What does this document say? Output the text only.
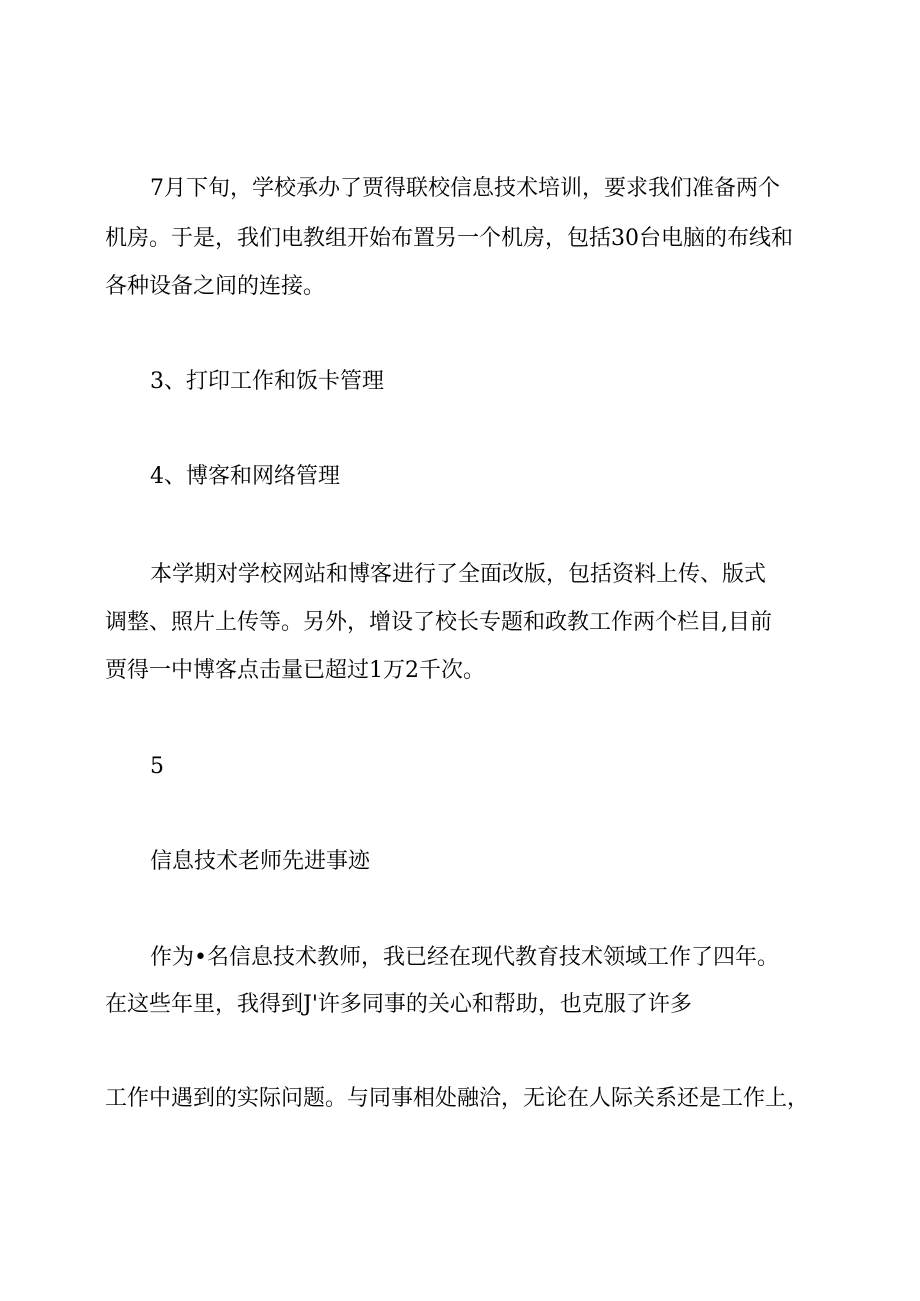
7月下旬，学校承办了贾得联校信息技术培训，要求我们准备两个
机房。于是，我们电教组开始布置另一个机房，包括30台电脑的布线和
各种设备之间的连接。
3、打印工作和饭卡管理
4、博客和网络管理
本学期对学校网站和博客进行了全面改版，包括资料上传、版式
调整、照片上传等。另外，增设了校长专题和政教工作两个栏目,目前
贾得一中博客点击量已超过1万2千次。
5
信息技术老师先进事迹
作为•名信息技术教师，我已经在现代教育技术领域工作了四年。
在这些年里，我得到J'许多同事的关心和帮助，也克服了许多
工作中遇到的实际问题。与同事相处融洽，无论在人际关系还是工作上，
